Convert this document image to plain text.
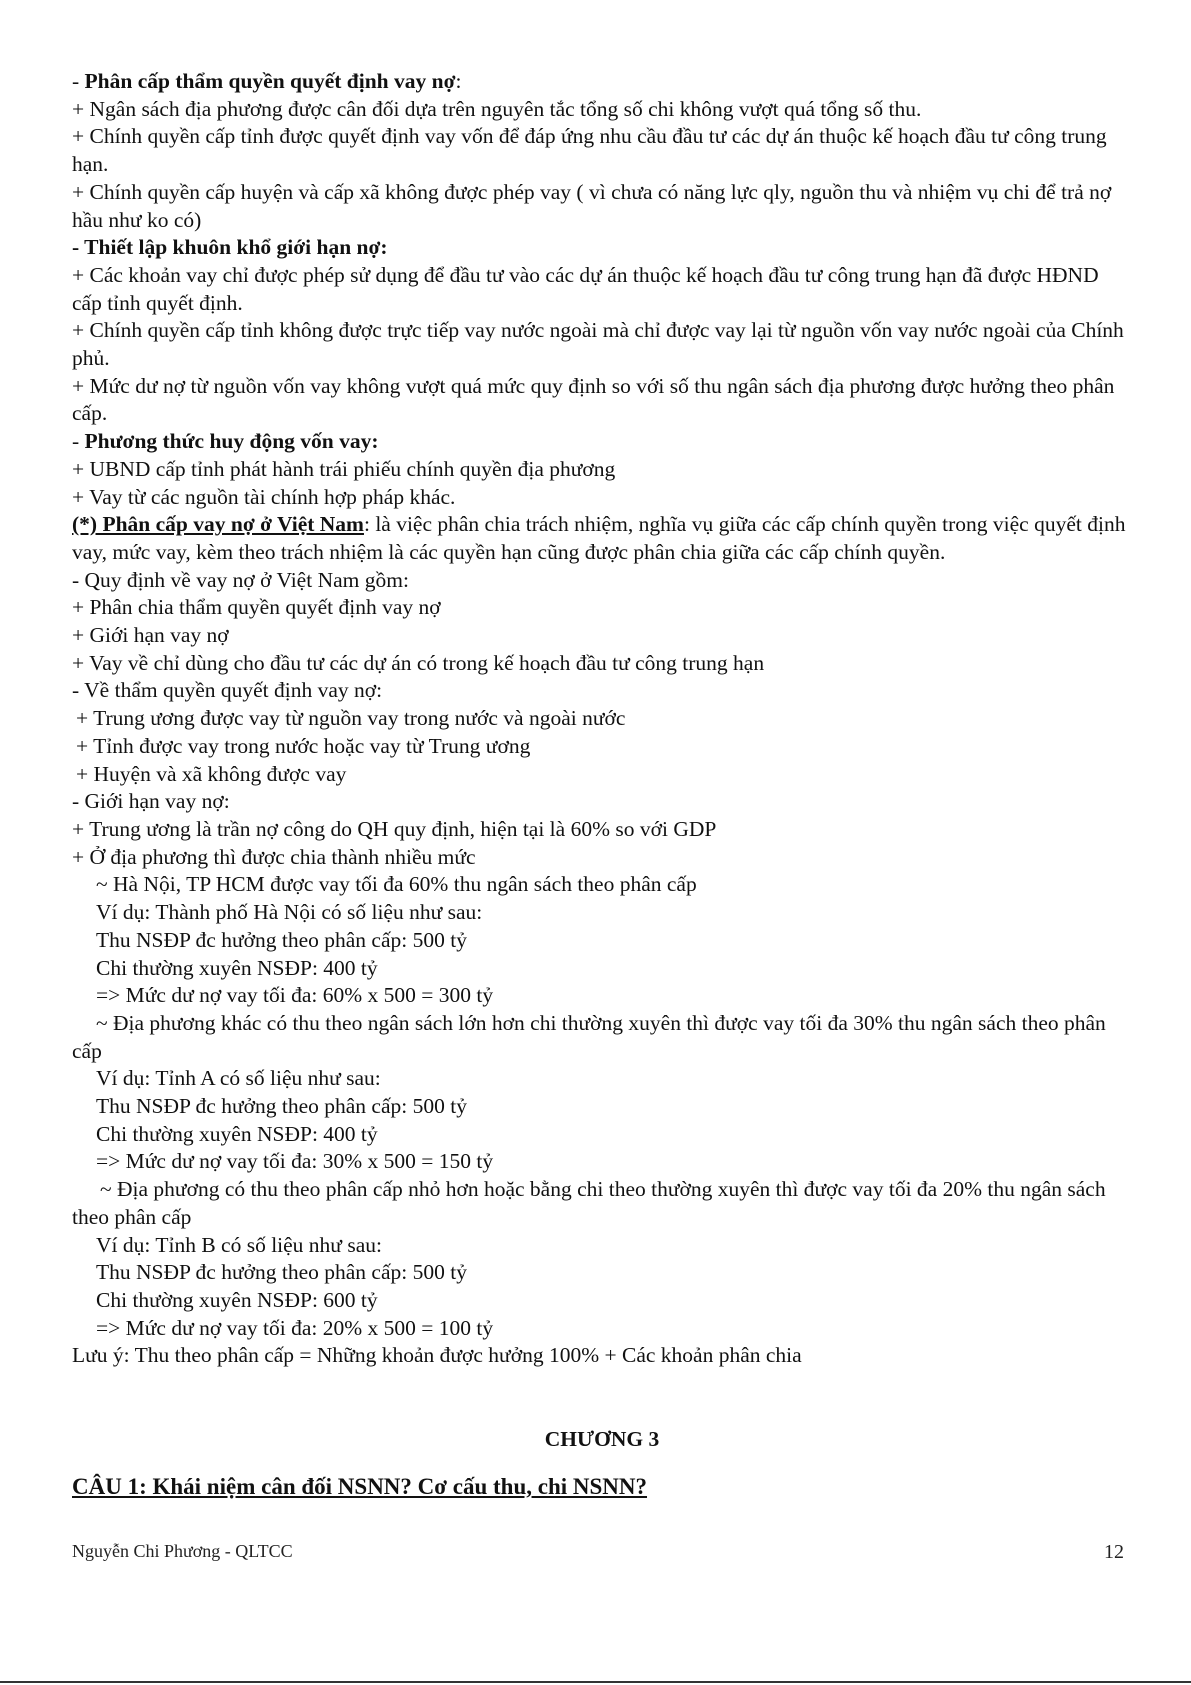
- Phân cấp thẩm quyền quyết định vay nợ:

+ Ngân sách địa phương được cân đối dựa trên nguyên tắc tổng số chi không vượt quá tổng số thu.

+ Chính quyền cấp tỉnh được quyết định vay vốn để đáp ứng nhu cầu đầu tư các dự án thuộc kế hoạch đầu tư công trung hạn.

+ Chính quyền cấp huyện và cấp xã không được phép vay ( vì chưa có năng lực qly, nguồn thu và nhiệm vụ chi để trả nợ hầu như ko có)

- Thiết lập khuôn khổ giới hạn nợ:

+ Các khoản vay chỉ được phép sử dụng để đầu tư vào các dự án thuộc kế hoạch đầu tư công trung hạn đã được HĐND cấp tỉnh quyết định.

+ Chính quyền cấp tỉnh không được trực tiếp vay nước ngoài mà chỉ được vay lại từ nguồn vốn vay nước ngoài của Chính phủ.

+ Mức dư nợ từ nguồn vốn vay không vượt quá mức quy định so với số thu ngân sách địa phương được hưởng theo phân cấp.

- Phương thức huy động vốn vay:

+ UBND cấp tỉnh phát hành trái phiếu chính quyền địa phương

+ Vay từ các nguồn tài chính hợp pháp khác.

(*) Phân cấp vay nợ ở Việt Nam: là việc phân chia trách nhiệm, nghĩa vụ giữa các cấp chính quyền trong việc quyết định vay, mức vay, kèm theo trách nhiệm là các quyền hạn cũng được phân chia giữa các cấp chính quyền.

- Quy định về vay nợ ở Việt Nam gồm:

+ Phân chia thẩm quyền quyết định vay nợ

+ Giới hạn vay nợ

+ Vay về chỉ dùng cho đầu tư các dự án có trong kế hoạch đầu tư công trung hạn

- Về thẩm quyền quyết định vay nợ:

+ Trung ương được vay từ nguồn vay trong nước và ngoài nước

+ Tỉnh được vay trong nước hoặc vay từ Trung ương

+ Huyện và xã không được vay

- Giới hạn vay nợ:

+ Trung ương là trần nợ công do QH quy định, hiện tại là 60% so với GDP

+ Ở địa phương thì được chia thành nhiều mức

~ Hà Nội, TP HCM được vay tối đa 60% thu ngân sách theo phân cấp

Ví dụ: Thành phố Hà Nội có số liệu như sau:

Thu NSĐP đc hưởng theo phân cấp: 500 tỷ

Chi thường xuyên NSĐP: 400 tỷ

=> Mức dư nợ vay tối đa: 60% x 500 = 300 tỷ

~ Địa phương khác có thu theo ngân sách lớn hơn chi thường xuyên thì được vay tối đa 30% thu ngân sách theo phân cấp

Ví dụ: Tỉnh A có số liệu như sau:

Thu NSĐP đc hưởng theo phân cấp: 500 tỷ

Chi thường xuyên NSĐP: 400 tỷ

=> Mức dư nợ vay tối đa: 30% x 500 = 150 tỷ

~ Địa phương có thu theo phân cấp nhỏ hơn hoặc bằng chi theo thường xuyên thì được vay tối đa 20% thu ngân sách theo phân cấp

Ví dụ: Tỉnh B có số liệu như sau:

Thu NSĐP đc hưởng theo phân cấp: 500 tỷ

Chi thường xuyên NSĐP: 600 tỷ

=> Mức dư nợ vay tối đa: 20% x 500 = 100 tỷ

Lưu ý: Thu theo phân cấp = Những khoản được hưởng 100% + Các khoản phân chia

CHƯƠNG 3

CÂU 1: Khái niệm cân đối NSNN? Cơ cấu thu, chi NSNN?

Nguyễn Chi Phương - QLTCC	12
